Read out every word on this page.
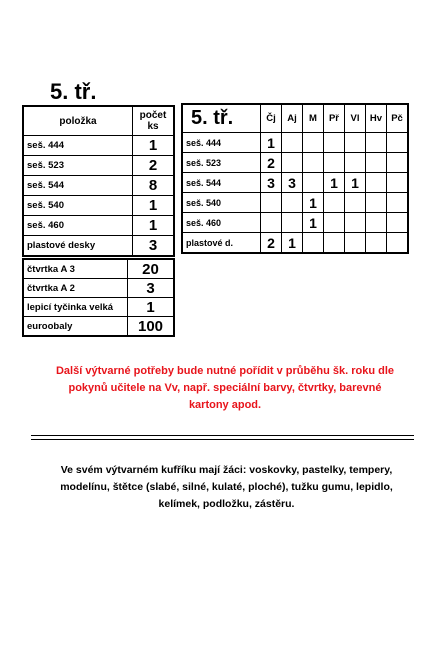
5. tř.
položka	počet
ks
seš. 444	1
seš. 523	2
seš. 544	8
seš. 540	1
seš. 460	1
plastové desky	3
čtvrtka A 3	20
čtvrtka A 2	3
lepicí tyčinka velká	1
euroobaly	100
5. tř.	Čj	Aj	M	Př	Vl	Hv	Pč
seš. 444	1						
seš. 523	2						
seš. 544	3	3		1	1		
seš. 540			1				
seš. 460			1				
plastové d.	2	1					
Další výtvarné potřeby bude nutné pořídit v průběhu šk. roku dle
pokynů učitele na Vv, např. speciální barvy, čtvrtky, barevné
kartony apod.
Ve svém výtvarném kufříku mají žáci: voskovky, pastelky, tempery,
modelínu, štětce (slabé, silné, kulaté, ploché), tužku gumu, lepidlo,
kelímek, podložku, zástěru.
